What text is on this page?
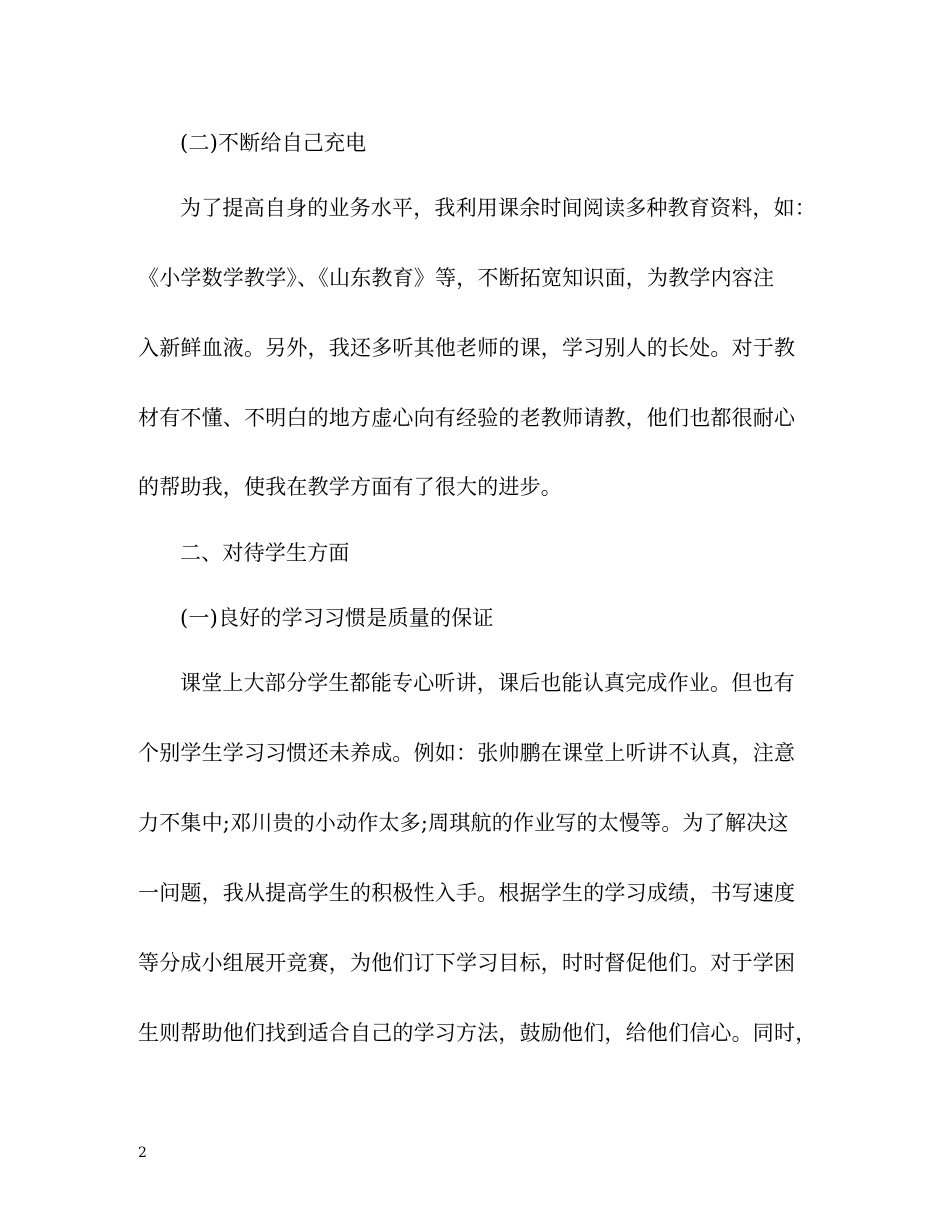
(二)不断给自己充电
为了提高自身的业务水平，我利用课余时间阅读多种教育资料，如：
《小学数学教学》、《山东教育》等，不断拓宽知识面，为教学内容注
入新鲜血液。另外，我还多听其他老师的课，学习别人的长处。对于教
材有不懂、不明白的地方虚心向有经验的老教师请教，他们也都很耐心
的帮助我，使我在教学方面有了很大的进步。
二、对待学生方面
(一)良好的学习习惯是质量的保证
课堂上大部分学生都能专心听讲，课后也能认真完成作业。但也有
个别学生学习习惯还未养成。例如：张帅鹏在课堂上听讲不认真，注意
力不集中;邓川贵的小动作太多;周琪航的作业写的太慢等。为了解决这
一问题，我从提高学生的积极性入手。根据学生的学习成绩，书写速度
等分成小组展开竞赛，为他们订下学习目标，时时督促他们。对于学困
生则帮助他们找到适合自己的学习方法，鼓励他们，给他们信心。同时，
2
